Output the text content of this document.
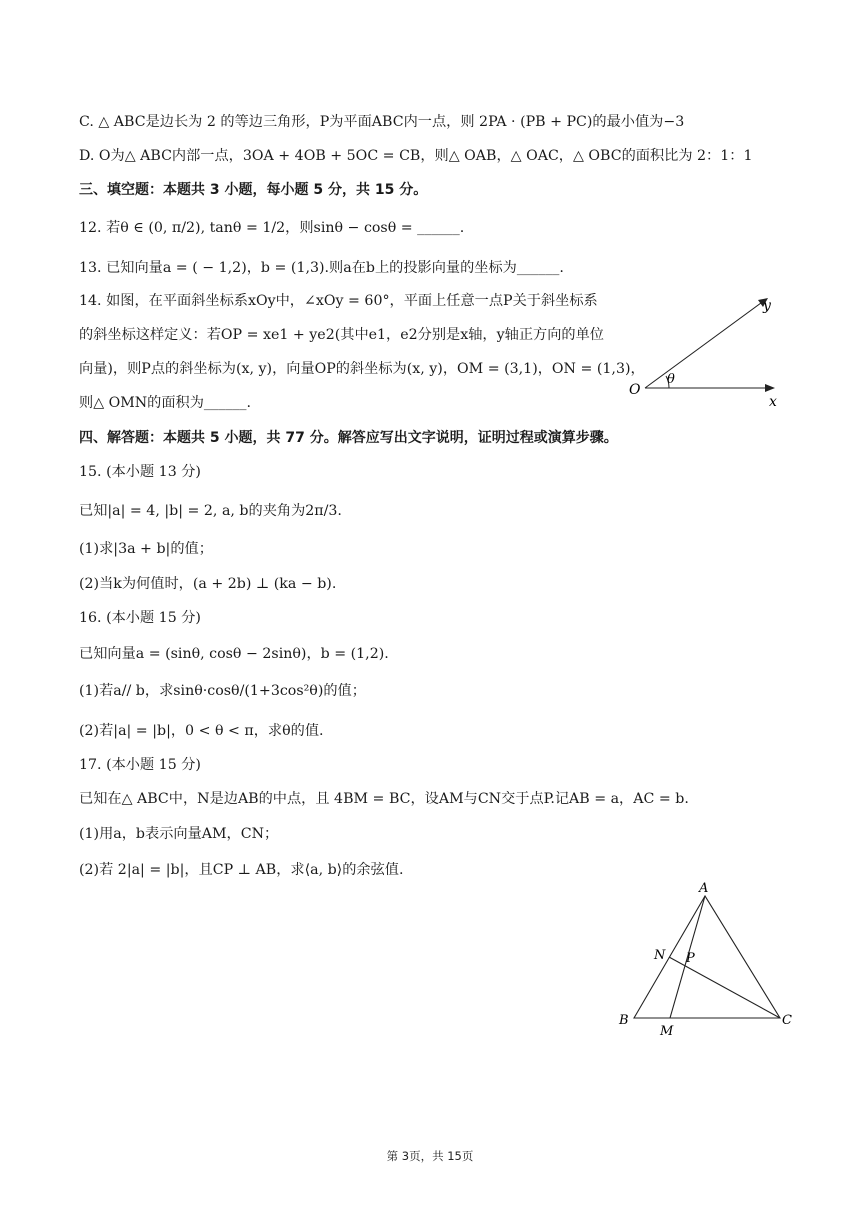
C. △ ABC是边长为 2 的等边三角形，P为平面ABC内一点，则 2PA · (PB + PC)的最小值为−3
D. O为△ ABC内部一点，3OA + 4OB + 5OC = CB，则△ OAB，△ OAC，△ OBC的面积比为 2：1：1
三、填空题：本题共 3 小题，每小题 5 分，共 15 分。
12. 若θ ∈ (0, π/2), tanθ = 1/2，则sinθ − cosθ = ______.
13. 已知向量a = ( − 1,2)，b = (1,3).则a在b上的投影向量的坐标为______.
14. 如图，在平面斜坐标系xOy中，∠xOy = 60°，平面上任意一点P关于斜坐标系
的斜坐标这样定义：若OP = xe1 + ye2(其中e1，e2分别是x轴，y轴正方向的单位
向量)，则P点的斜坐标为(x, y)，向量OP的斜坐标为(x, y)，OM = (3,1)，ON = (1,3)，
则△ OMN的面积为______.
y
x
O
θ
四、解答题：本题共 5 小题，共 77 分。解答应写出文字说明，证明过程或演算步骤。
15. (本小题 13 分)
已知|a| = 4, |b| = 2, a, b的夹角为2π/3.
(1)求|3a + b|的值；
(2)当k为何值时，(a + 2b) ⊥ (ka − b).
16. (本小题 15 分)
已知向量a = (sinθ, cosθ − 2sinθ)，b = (1,2).
(1)若a// b，求sinθ·cosθ/(1+3cos²θ)的值；
(2)若|a| = |b|，0 < θ < π，求θ的值.
17. (本小题 15 分)
已知在△ ABC中，N是边AB的中点，且 4BM = BC，设AM与CN交于点P.记AB = a，AC = b.
(1)用a，b表示向量AM，CN；
(2)若 2|a| = |b|，且CP ⊥ AB，求⟨a, b⟩的余弦值.
A
B	C
N
M
P
第 3页，共 15页
